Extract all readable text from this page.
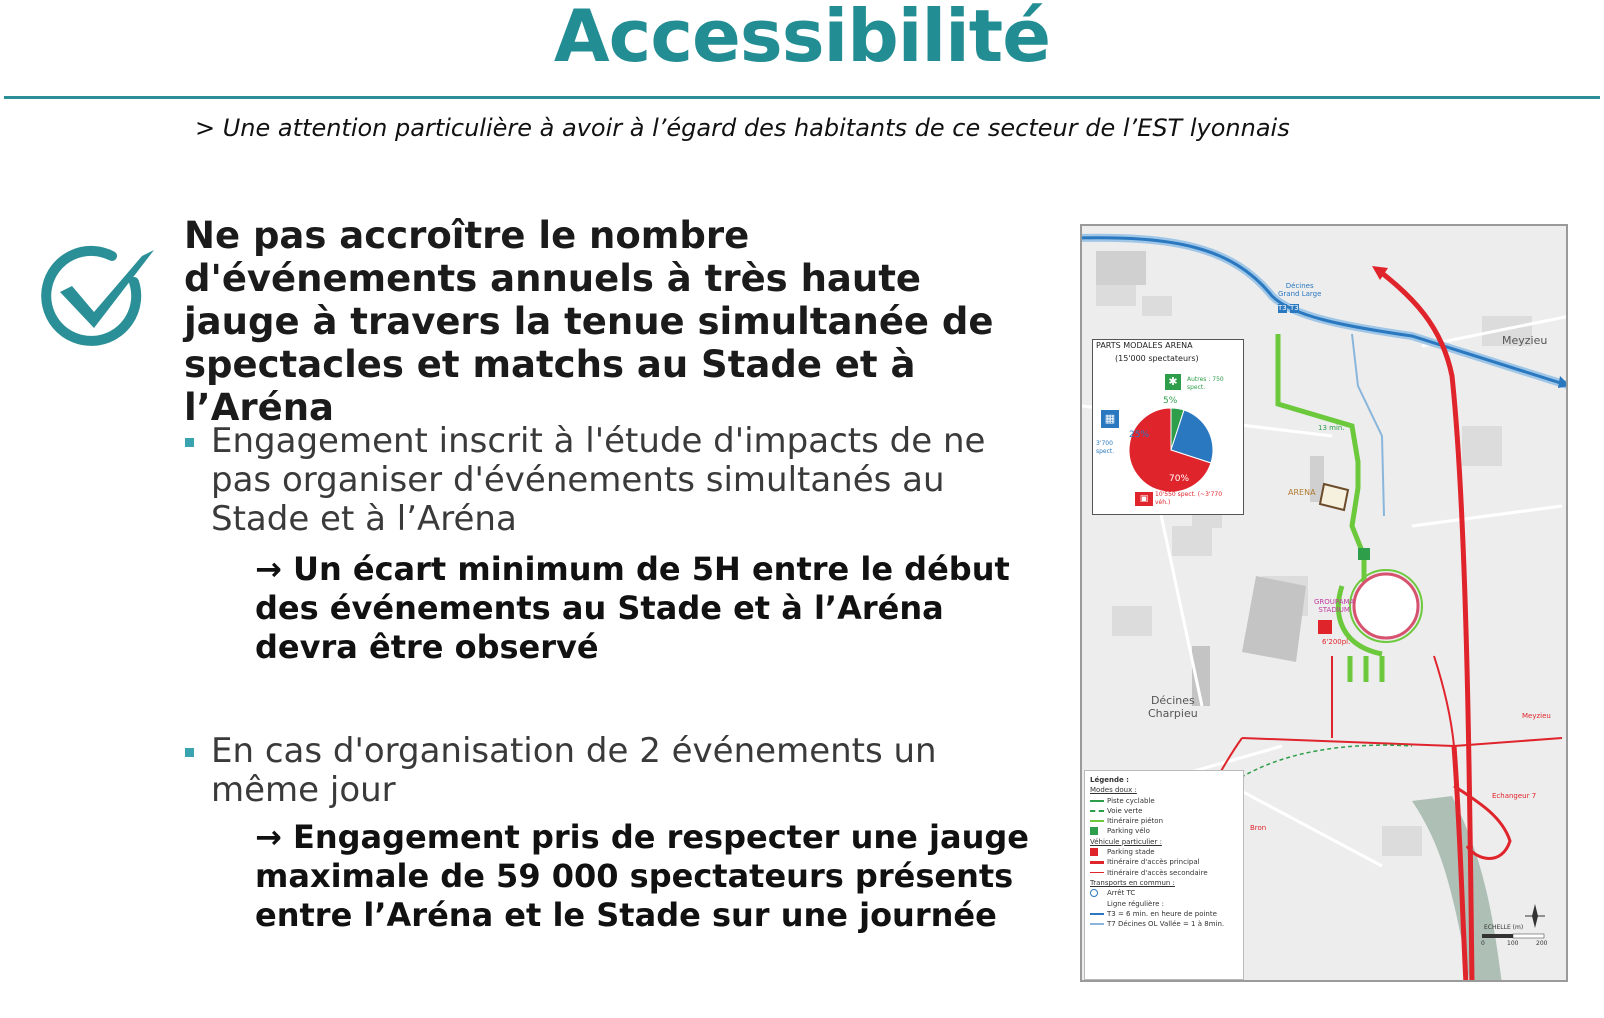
Accessibilité
> Une attention particulière à avoir à l’égard des habitants de ce secteur de l’EST lyonnais
Ne pas accroître le nombre d'événements annuels à très haute jauge à travers la tenue simultanée de spectacles et matchs au Stade et à l’Aréna
Engagement inscrit à l'étude d'impacts de ne pas organiser d'événements simultanés au Stade et à l’Aréna
→ Un écart minimum de 5H entre le début des événements au Stade et à l’Aréna devra être observé
En cas d'organisation de 2 événements un même jour
→ Engagement pris de respecter une jauge maximale de 59 000 spectateurs présents entre l’Aréna et le Stade sur une journée
Meyzieu
Décines
Grand Large
T3 T3
13 min.
ARENA
GROUPAMA
STADIUM
6'200pl.
Décines
Charpieu	Meyzieu
Echangeur 7
Bron
PARTS MODALES ARENA
(15'000 spectateurs)
Autres : 750 spect.
3'700 spect.
10'550 spect. (~3'770 véh.)
5%
25%
70%
✱
▦
▣
Légende :
Modes doux :
Piste cyclable
Voie verte
Itinéraire piéton
Parking vélo
Véhicule particulier :
Parking stade
Itinéraire d'accès principal
Itinéraire d'accès secondaire
Transports en commun :
Arrêt TC
Ligne régulière :
T3 = 6 min. en heure de pointe
T7 Décines OL Vallée = 1 à 8min.	ECHELLE (m)
0	100	200
